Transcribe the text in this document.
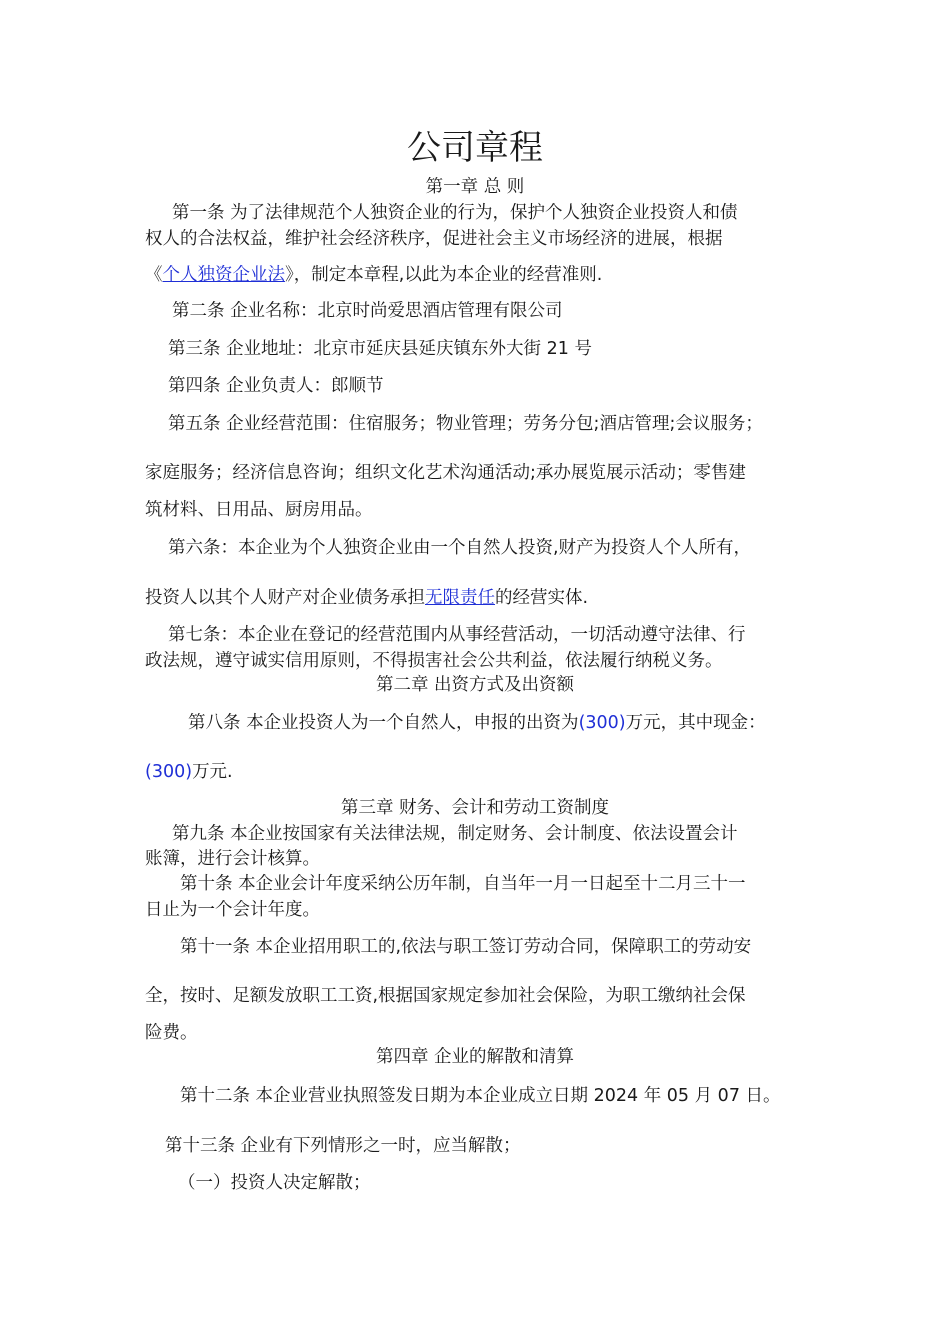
公司章程
第一章 总 则
第一条 为了法律规范个人独资企业的行为，保护个人独资企业投资人和债
权人的合法权益，维护社会经济秩序，促进社会主义市场经济的进展，根据
《个人独资企业法》，制定本章程,以此为本企业的经营准则.
第二条 企业名称：北京时尚爱思酒店管理有限公司
第三条 企业地址：北京市延庆县延庆镇东外大街 21 号
第四条 企业负责人：郎顺节
第五条 企业经营范围：住宿服务；物业管理；劳务分包;酒店管理;会议服务；
家庭服务；经济信息咨询；组织文化艺术沟通活动;承办展览展示活动；零售建
筑材料、日用品、厨房用品。
第六条：本企业为个人独资企业由一个自然人投资,财产为投资人个人所有，
投资人以其个人财产对企业债务承担无限责任的经营实体.
第七条：本企业在登记的经营范围内从事经营活动，一切活动遵守法律、行
政法规，遵守诚实信用原则，不得损害社会公共利益，依法履行纳税义务。
第二章 出资方式及出资额
第八条 本企业投资人为一个自然人，申报的出资为(300)万元，其中现金：
(300)万元.
第三章 财务、会计和劳动工资制度
第九条 本企业按国家有关法律法规，制定财务、会计制度、依法设置会计
账簿，进行会计核算。
第十条 本企业会计年度采纳公历年制，自当年一月一日起至十二月三十一
日止为一个会计年度。
第十一条 本企业招用职工的,依法与职工签订劳动合同，保障职工的劳动安
全，按时、足额发放职工工资,根据国家规定参加社会保险，为职工缴纳社会保
险费。
第四章 企业的解散和清算
第十二条 本企业营业执照签发日期为本企业成立日期 2024 年 05 月 07 日。
第十三条 企业有下列情形之一时，应当解散；
（一）投资人决定解散；
